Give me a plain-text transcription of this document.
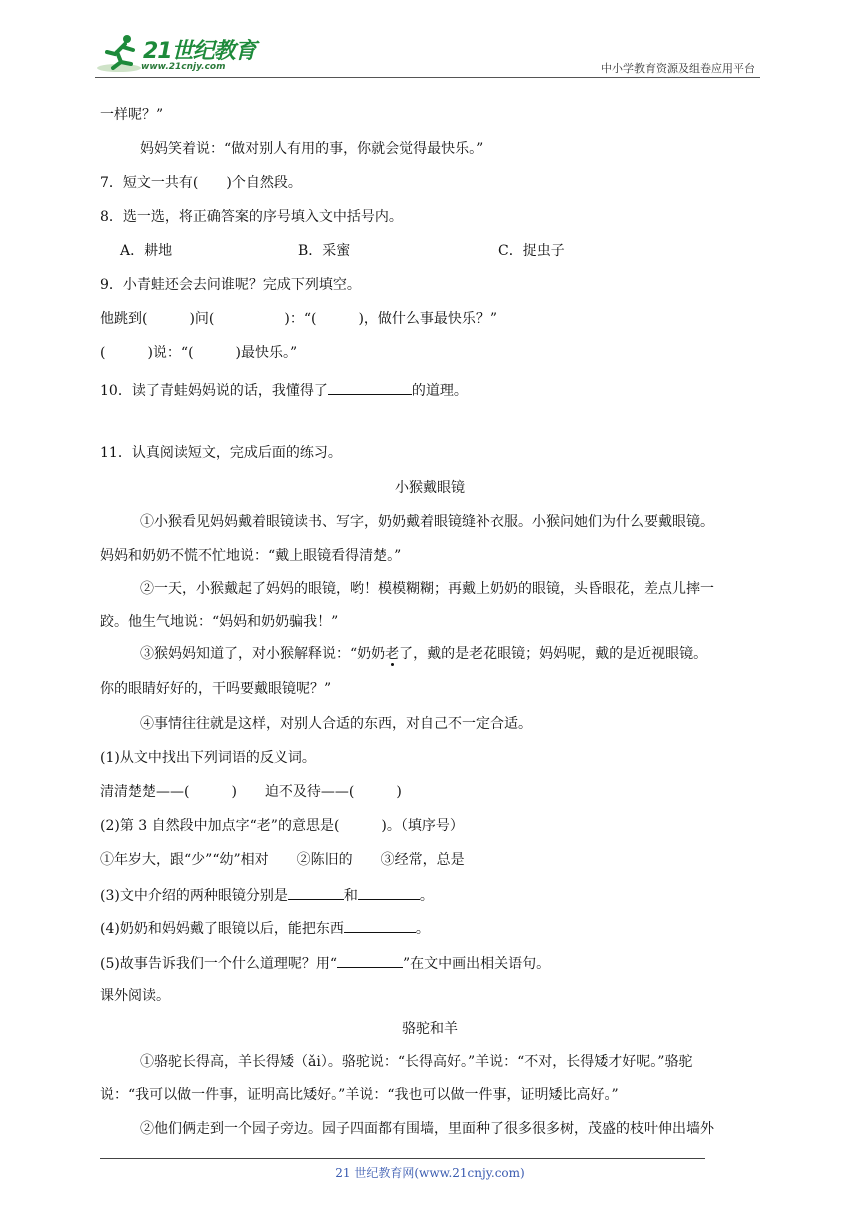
21世纪教育
www.21cnjy.com	中小学教育资源及组卷应用平台
一样呢？”
妈妈笑着说：“做对别人有用的事，你就会觉得最快乐。”
7．短文一共有(　　)个自然段。
8．选一选，将正确答案的序号填入文中括号内。
A．耕地	B．采蜜	C．捉虫子
9．小青蛙还会去问谁呢？完成下列填空。
他跳到(　　　)问(　　　　　)：“(　　　)，做什么事最快乐？”
(　　　)说：“(　　　)最快乐。”
10．读了青蛙妈妈说的话，我懂得了	的道理。
11．认真阅读短文，完成后面的练习。
小猴戴眼镜
①小猴看见妈妈戴着眼镜读书、写字，奶奶戴着眼镜缝补衣服。小猴问她们为什么要戴眼镜。
妈妈和奶奶不慌不忙地说：“戴上眼镜看得清楚。”
②一天，小猴戴起了妈妈的眼镜，哟！模模糊糊；再戴上奶奶的眼镜，头昏眼花，差点儿摔一
跤。他生气地说：“妈妈和奶奶骗我！”
③猴妈妈知道了，对小猴解释说：“奶奶老了，戴的是老花眼镜；妈妈呢，戴的是近视眼镜。
你的眼睛好好的，干吗要戴眼镜呢？”
④事情往往就是这样，对别人合适的东西，对自己不一定合适。
(1)从文中找出下列词语的反义词。
清清楚楚——(　　　)　　迫不及待——(　　　)
(2)第 3 自然段中加点字“老”的意思是(　　　)。（填序号）
①年岁大，跟“少”“幼”相对　　②陈旧的　　③经常，总是
(3)文中介绍的两种眼镜分别是	和	。
(4)奶奶和妈妈戴了眼镜以后，能把东西	。
(5)故事告诉我们一个什么道理呢？用“	”在文中画出相关语句。
课外阅读。
骆驼和羊
①骆驼长得高，羊长得矮（ǎi）。骆驼说：“长得高好。”羊说：“不对，长得矮才好呢。”骆驼
说：“我可以做一件事，证明高比矮好。”羊说：“我也可以做一件事，证明矮比高好。”
②他们俩走到一个园子旁边。园子四面都有围墙，里面种了很多很多树，茂盛的枝叶伸出墙外
21 世纪教育网(www.21cnjy.com)
